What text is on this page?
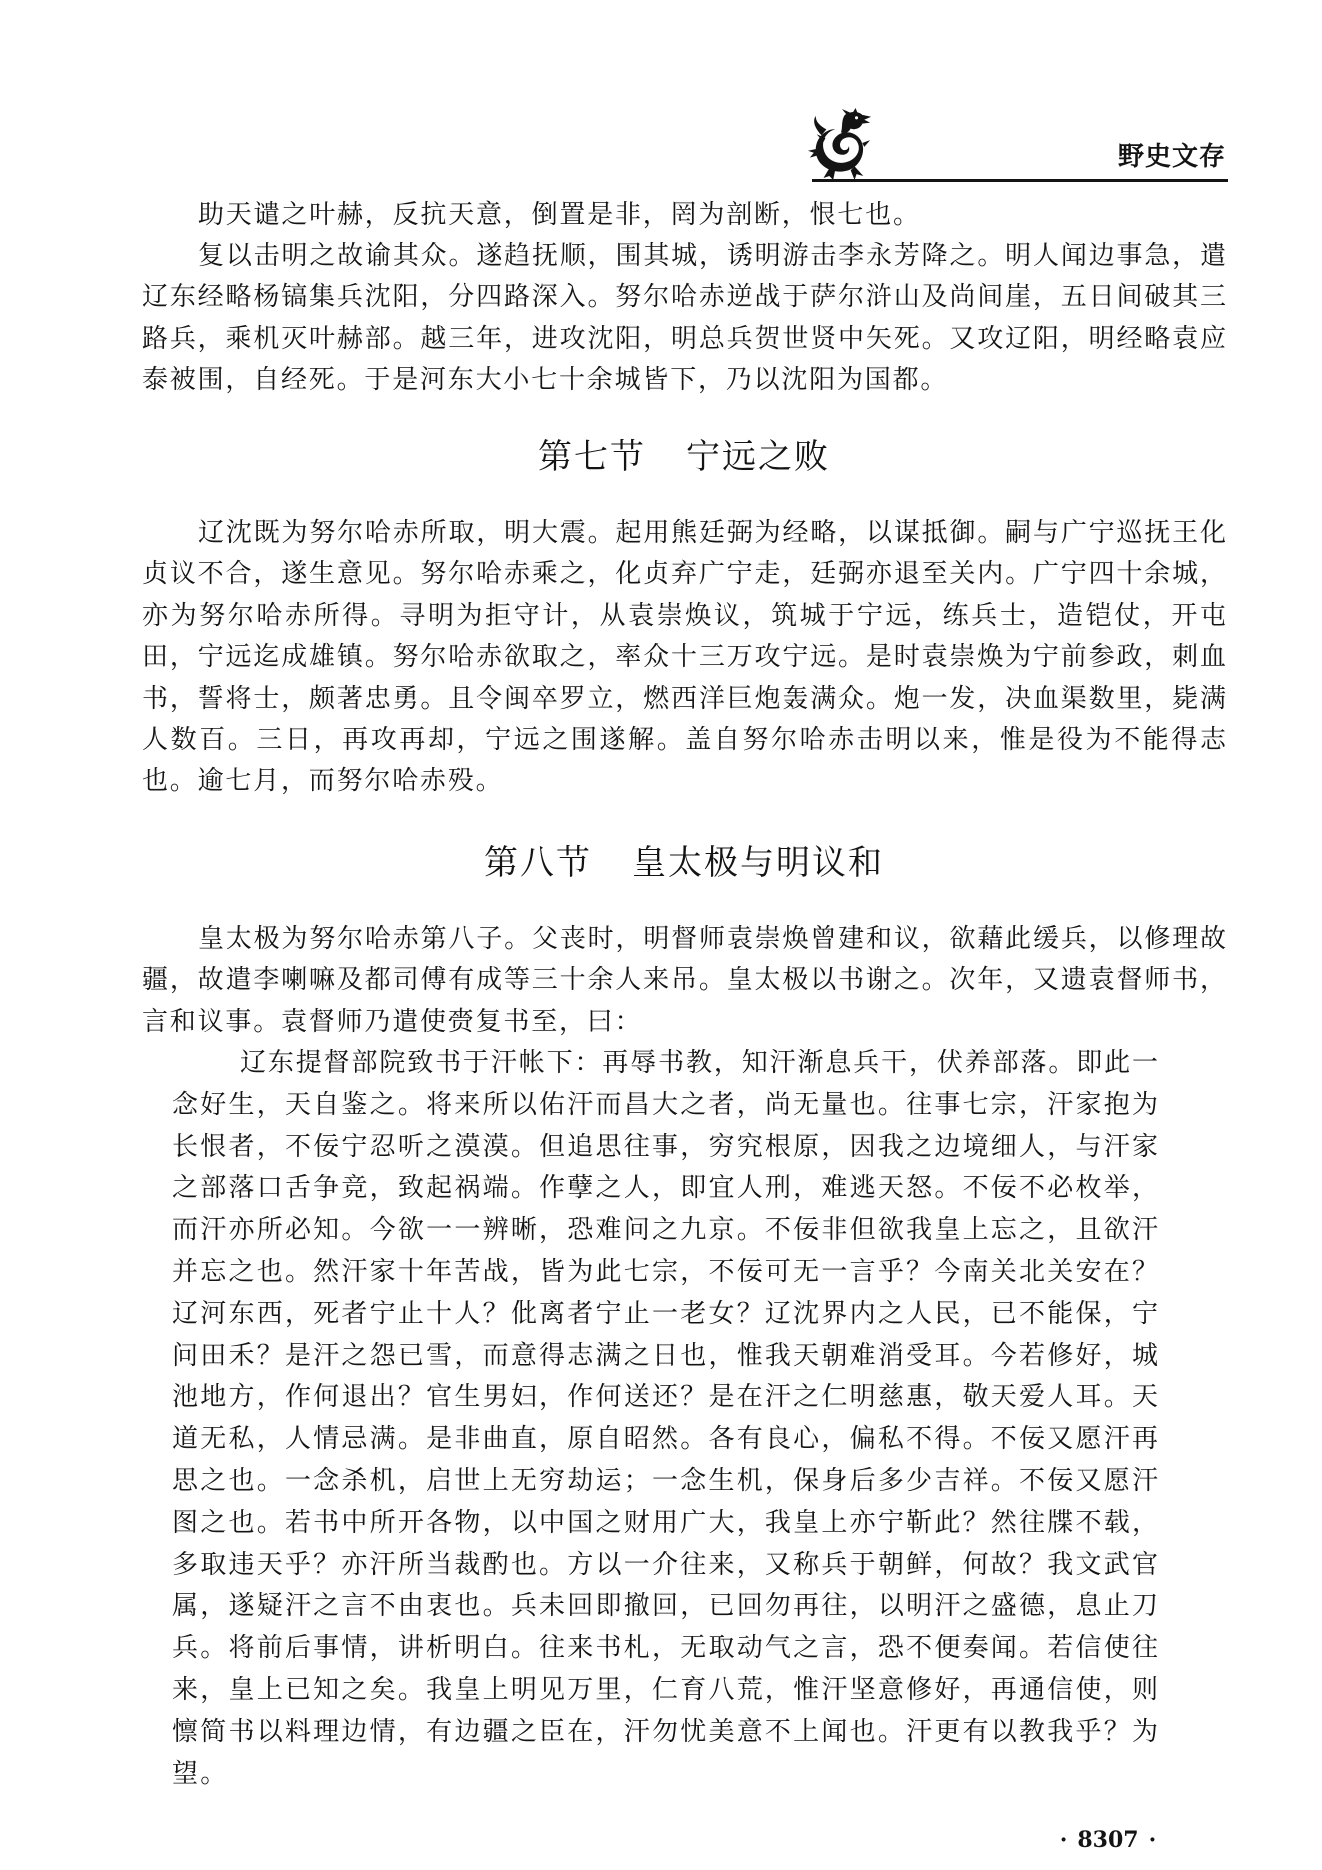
野史文存
助天谴之叶赫，反抗天意，倒置是非，罔为剖断，恨七也。
复以击明之故谕其众。遂趋抚顺，围其城，诱明游击李永芳降之。明人闻边事急，遣
辽东经略杨镐集兵沈阳，分四路深入。努尔哈赤逆战于萨尔浒山及尚间崖，五日间破其三
路兵，乘机灭叶赫部。越三年，进攻沈阳，明总兵贺世贤中矢死。又攻辽阳，明经略袁应
泰被围，自经死。于是河东大小七十余城皆下，乃以沈阳为国都。
第七节 宁远之败
辽沈既为努尔哈赤所取，明大震。起用熊廷弼为经略，以谋抵御。嗣与广宁巡抚王化
贞议不合，遂生意见。努尔哈赤乘之，化贞弃广宁走，廷弼亦退至关内。广宁四十余城，
亦为努尔哈赤所得。寻明为拒守计，从袁崇焕议，筑城于宁远，练兵士，造铠仗，开屯
田，宁远迄成雄镇。努尔哈赤欲取之，率众十三万攻宁远。是时袁崇焕为宁前参政，刺血
书，誓将士，颇著忠勇。且令闽卒罗立，燃西洋巨炮轰满众。炮一发，决血渠数里，毙满
人数百。三日，再攻再却，宁远之围遂解。盖自努尔哈赤击明以来，惟是役为不能得志
也。逾七月，而努尔哈赤殁。
第八节 皇太极与明议和
皇太极为努尔哈赤第八子。父丧时，明督师袁崇焕曾建和议，欲藉此缓兵，以修理故
疆，故遣李喇嘛及都司傅有成等三十余人来吊。皇太极以书谢之。次年，又遗袁督师书，
言和议事。袁督师乃遣使赍复书至，曰：
辽东提督部院致书于汗帐下：再辱书教，知汗渐息兵干，伏养部落。即此一
念好生，天自鉴之。将来所以佑汗而昌大之者，尚无量也。往事七宗，汗家抱为
长恨者，不佞宁忍听之漠漠。但追思往事，穷究根原，因我之边境细人，与汗家
之部落口舌争竞，致起祸端。作孽之人，即宜人刑，难逃天怒。不佞不必枚举，
而汗亦所必知。今欲一一辨晰，恐难问之九京。不佞非但欲我皇上忘之，且欲汗
并忘之也。然汗家十年苦战，皆为此七宗，不佞可无一言乎？今南关北关安在？
辽河东西，死者宁止十人？仳离者宁止一老女？辽沈界内之人民，已不能保，宁
问田禾？是汗之怨已雪，而意得志满之日也，惟我天朝难消受耳。今若修好，城
池地方，作何退出？官生男妇，作何送还？是在汗之仁明慈惠，敬天爱人耳。天
道无私，人情忌满。是非曲直，原自昭然。各有良心，偏私不得。不佞又愿汗再
思之也。一念杀机，启世上无穷劫运；一念生机，保身后多少吉祥。不佞又愿汗
图之也。若书中所开各物，以中国之财用广大，我皇上亦宁靳此？然往牒不载，
多取违天乎？亦汗所当裁酌也。方以一介往来，又称兵于朝鲜，何故？我文武官
属，遂疑汗之言不由衷也。兵未回即撤回，已回勿再往，以明汗之盛德，息止刀
兵。将前后事情，讲析明白。往来书札，无取动气之言，恐不便奏闻。若信使往
来，皇上已知之矣。我皇上明见万里，仁育八荒，惟汗坚意修好，再通信使，则
懔简书以料理边情，有边疆之臣在，汗勿忧美意不上闻也。汗更有以教我乎？为
望。
· 8307 ·
